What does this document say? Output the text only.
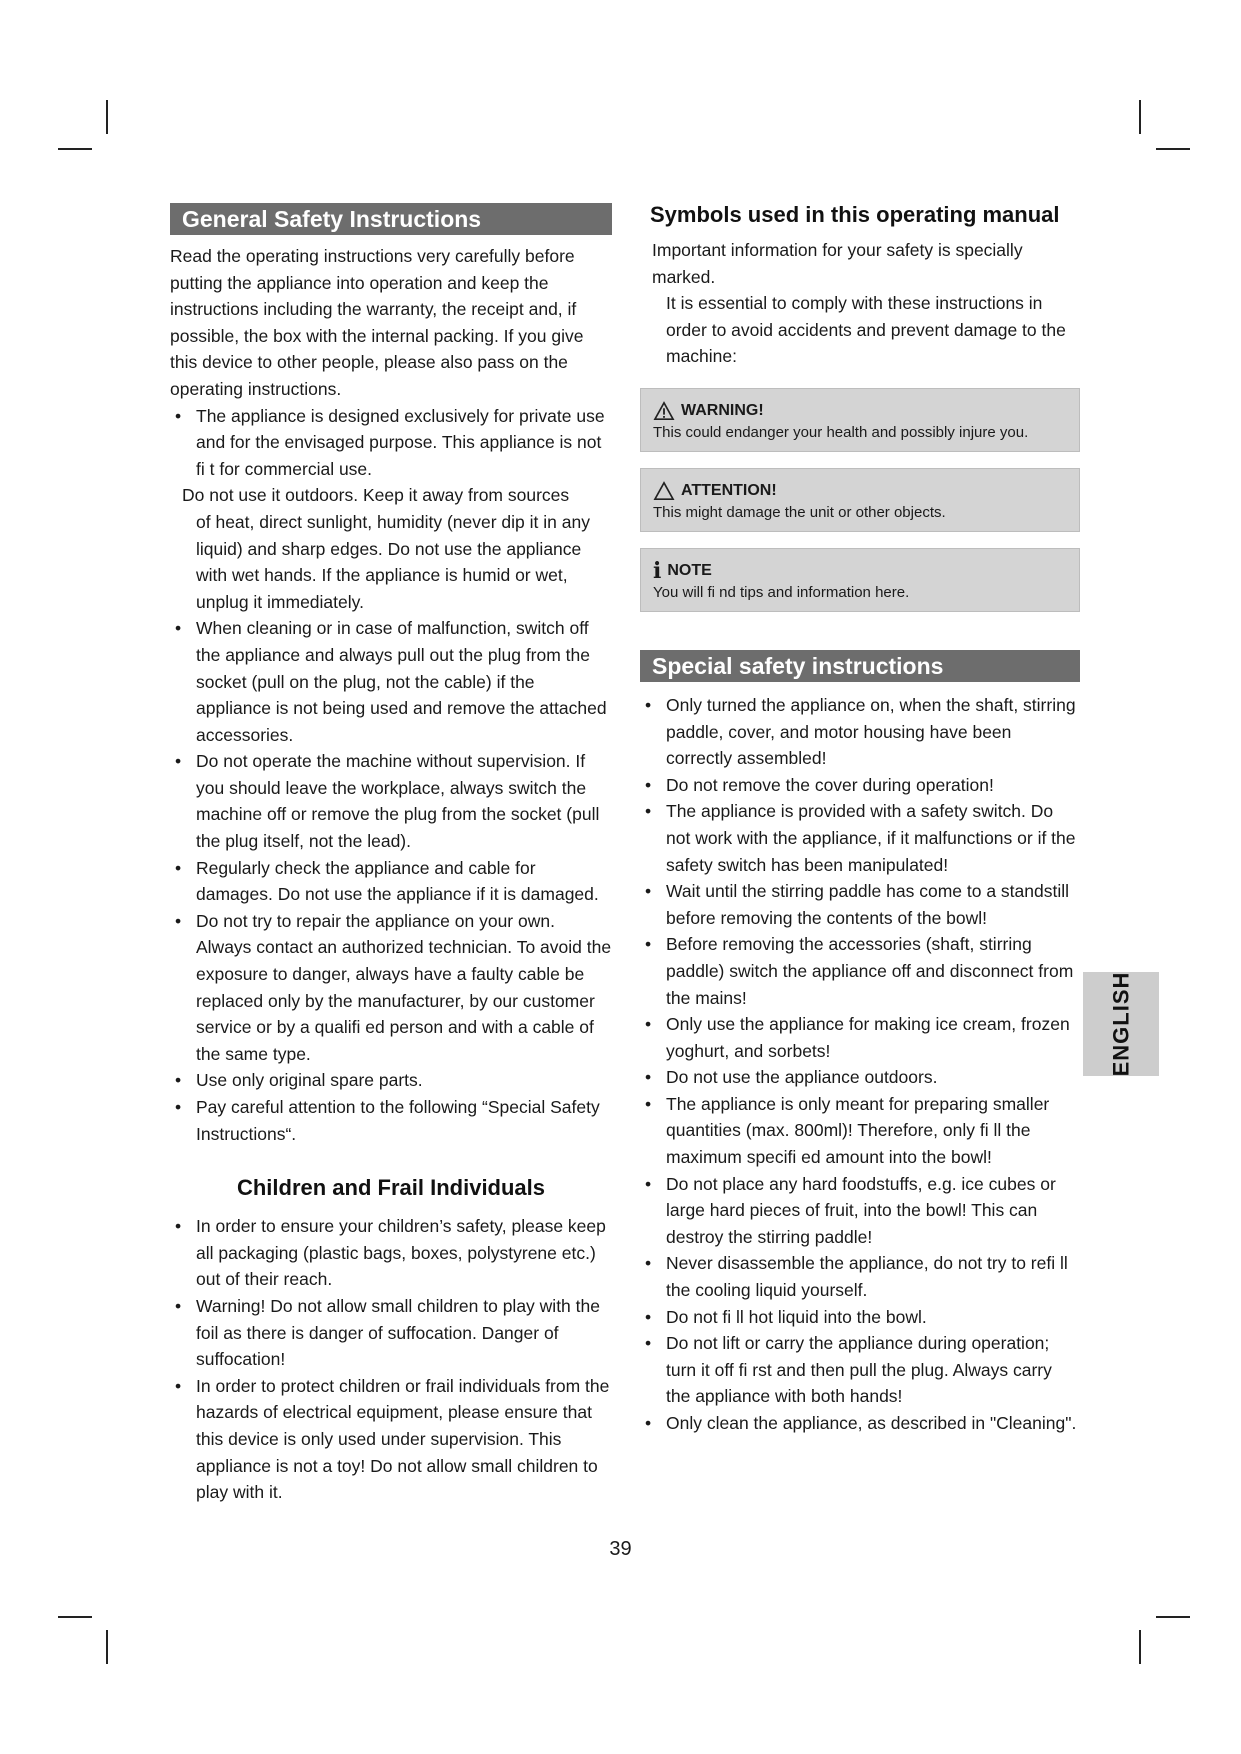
General Safety Instructions

Read the operating instructions very carefully before putting the appliance into operation and keep the instructions including the warranty, the receipt and, if possible, the box with the internal packing. If you give this device to other people, please also pass on the operating instructions.

• The appliance is designed exclusively for private use and for the envisaged purpose. This appliance is not fi t for commercial use.

Do not use it outdoors. Keep it away from sources

of heat, direct sunlight, humidity (never dip it in any liquid) and sharp edges. Do not use the appliance with wet hands. If the appliance is humid or wet, unplug it immediately.

• When cleaning or in case of malfunction, switch off the appliance and always pull out the plug from the socket (pull on the plug, not the cable) if the appliance is not being used and remove the attached accessories.
• Do not operate the machine without supervision. If you should leave the workplace, always switch the machine off or remove the plug from the socket (pull the plug itself, not the lead).
• Regularly check the appliance and cable for damages. Do not use the appliance if it is damaged.
• Do not try to repair the appliance on your own. Always contact an authorized technician. To avoid the exposure to danger, always have a faulty cable be replaced only by the manufacturer, by our customer service or by a qualifi ed person and with a cable of the same type.
• Use only original spare parts.
• Pay careful attention to the following “Special Safety Instructions“.
Children and Frail Individuals
• In order to ensure your children’s safety, please keep all packaging (plastic bags, boxes, polystyrene etc.) out of their reach.
• Warning! Do not allow small children to play with the foil as there is danger of suffocation. Danger of suffocation!
• In order to protect children or frail individuals from the hazards of electrical equipment, please ensure that this device is only used under supervision. This appliance is not a toy! Do not allow small children to play with it.
Symbols used in this operating manual

Important information for your safety is specially marked.

It is essential to comply with these instructions in order to avoid accidents and prevent damage to the machine:

WARNING!
This could endanger your health and possibly injure you.
ATTENTION!
This might damage the unit or other objects.
i NOTE
You will fi nd tips and information here.
Special safety instructions
• Only turned the appliance on, when the shaft, stirring paddle, cover, and motor housing have been correctly assembled!
• Do not remove the cover during operation!
• The appliance is provided with a safety switch. Do not work with the appliance, if it malfunctions or if the safety switch has been manipulated!
• Wait until the stirring paddle has come to a standstill before removing the contents of the bowl!
• Before removing the accessories (shaft, stirring paddle) switch the appliance off and disconnect from the mains!
• Only use the appliance for making ice cream, frozen yoghurt, and sorbets!
• Do not use the appliance outdoors.
• The appliance is only meant for preparing smaller quantities (max. 800ml)! Therefore, only fi ll the maximum specifi ed amount into the bowl!
• Do not place any hard foodstuffs, e.g. ice cubes or large hard pieces of fruit, into the bowl! This can destroy the stirring paddle!
• Never disassemble the appliance, do not try to refi ll the cooling liquid yourself.
• Do not fi ll hot liquid into the bowl.
• Do not lift or carry the appliance during operation; turn it off fi rst and then pull the plug. Always carry the appliance with both hands!
• Only clean the appliance, as described in "Cleaning".
ENGLISH
39
